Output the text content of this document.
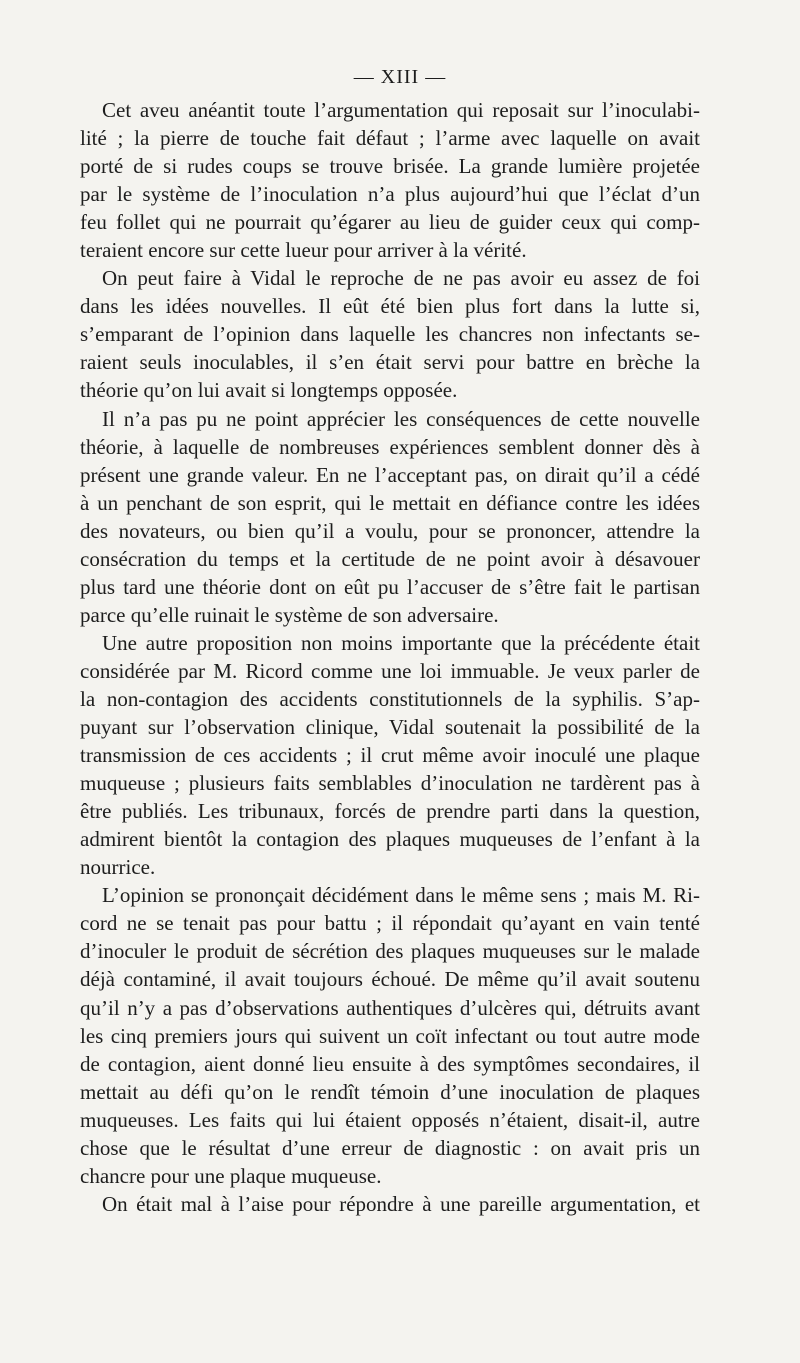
— XIII —
Cet aveu anéantit toute l’argumentation qui reposait sur l’inoculabi-
lité ; la pierre de touche fait défaut ; l’arme avec laquelle on avait
porté de si rudes coups se trouve brisée. La grande lumière projetée
par le système de l’inoculation n’a plus aujourd’hui que l’éclat d’un
feu follet qui ne pourrait qu’égarer au lieu de guider ceux qui comp-
teraient encore sur cette lueur pour arriver à la vérité.
On peut faire à Vidal le reproche de ne pas avoir eu assez de foi
dans les idées nouvelles. Il eût été bien plus fort dans la lutte si,
s’emparant de l’opinion dans laquelle les chancres non infectants se-
raient seuls inoculables, il s’en était servi pour battre en brèche la
théorie qu’on lui avait si longtemps opposée.
Il n’a pas pu ne point apprécier les conséquences de cette nouvelle
théorie, à laquelle de nombreuses expériences semblent donner dès à
présent une grande valeur. En ne l’acceptant pas, on dirait qu’il a cédé
à un penchant de son esprit, qui le mettait en défiance contre les idées
des novateurs, ou bien qu’il a voulu, pour se prononcer, attendre la
consécration du temps et la certitude de ne point avoir à désavouer
plus tard une théorie dont on eût pu l’accuser de s’être fait le partisan
parce qu’elle ruinait le système de son adversaire.
Une autre proposition non moins importante que la précédente était
considérée par M. Ricord comme une loi immuable. Je veux parler de
la non-contagion des accidents constitutionnels de la syphilis. S’ap-
puyant sur l’observation clinique, Vidal soutenait la possibilité de la
transmission de ces accidents ; il crut même avoir inoculé une plaque
muqueuse ; plusieurs faits semblables d’inoculation ne tardèrent pas à
être publiés. Les tribunaux, forcés de prendre parti dans la question,
admirent bientôt la contagion des plaques muqueuses de l’enfant à la
nourrice.
L’opinion se prononçait décidément dans le même sens ; mais M. Ri-
cord ne se tenait pas pour battu ; il répondait qu’ayant en vain tenté
d’inoculer le produit de sécrétion des plaques muqueuses sur le malade
déjà contaminé, il avait toujours échoué. De même qu’il avait soutenu
qu’il n’y a pas d’observations authentiques d’ulcères qui, détruits avant
les cinq premiers jours qui suivent un coït infectant ou tout autre mode
de contagion, aient donné lieu ensuite à des symptômes secondaires, il
mettait au défi qu’on le rendît témoin d’une inoculation de plaques
muqueuses. Les faits qui lui étaient opposés n’étaient, disait-il, autre
chose que le résultat d’une erreur de diagnostic : on avait pris un
chancre pour une plaque muqueuse.
On était mal à l’aise pour répondre à une pareille argumentation, et
